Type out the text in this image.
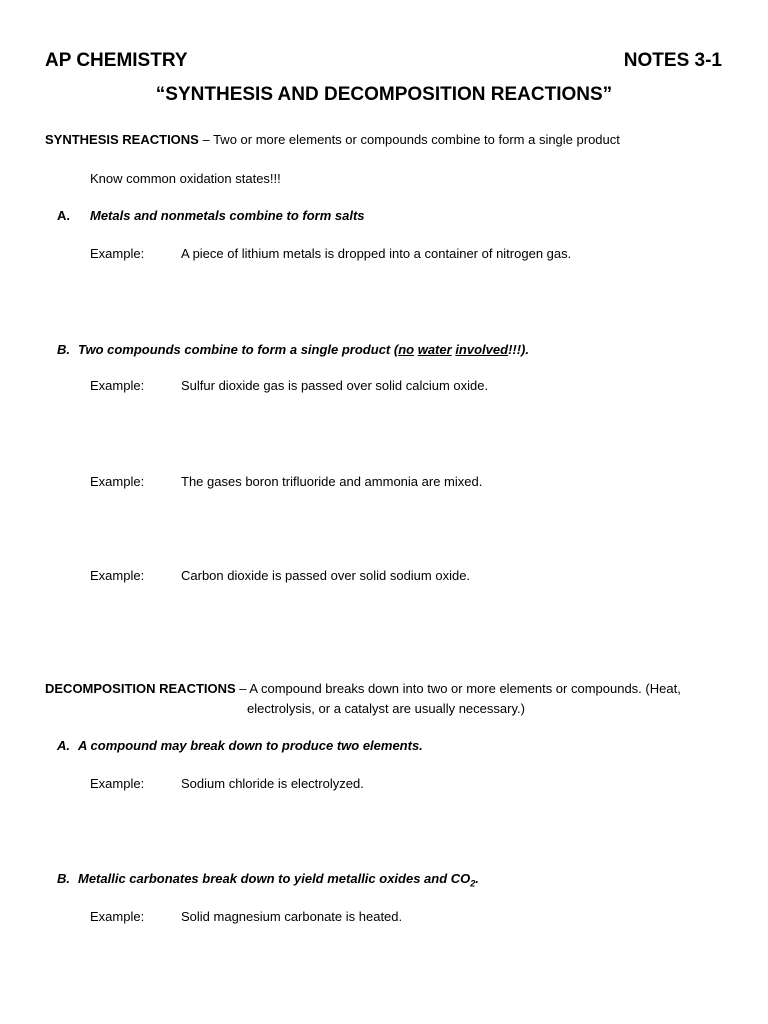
AP CHEMISTRY	NOTES 3-1
“SYNTHESIS AND DECOMPOSITION REACTIONS”
SYNTHESIS REACTIONS – Two or more elements or compounds combine to form a single product
Know common oxidation states!!!
A. Metals and nonmetals combine to form salts
Example:	A piece of lithium metals is dropped into a container of nitrogen gas.
B. Two compounds combine to form a single product (no water involved!!!).
Example:	Sulfur dioxide gas is passed over solid calcium oxide.
Example:	The gases boron trifluoride and ammonia are mixed.
Example:	Carbon dioxide is passed over solid sodium oxide.
DECOMPOSITION REACTIONS – A compound breaks down into two or more elements or compounds. (Heat,
electrolysis, or a catalyst are usually necessary.)
A. A compound may break down to produce two elements.
Example:	Sodium chloride is electrolyzed.
B. Metallic carbonates break down to yield metallic oxides and $CO_2$.
Example:	Solid magnesium carbonate is heated.
